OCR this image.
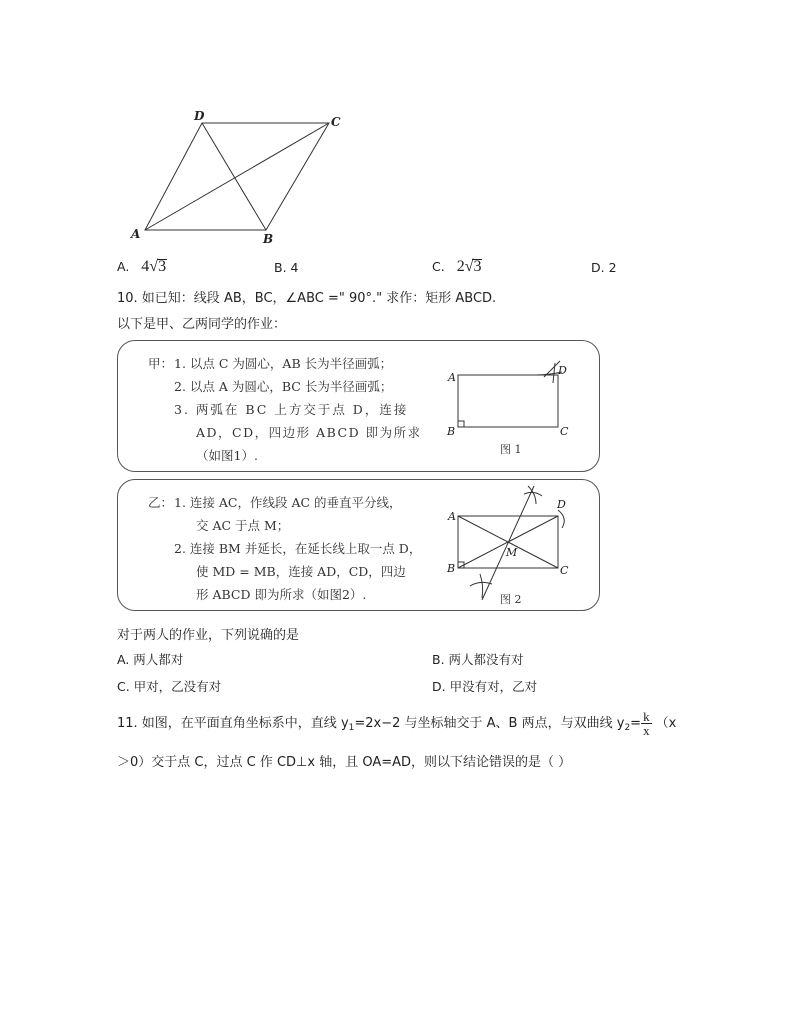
A	B
C
D
A. 4√3	B. 4	C. 2√3	D. 2
10. 如已知：线段 AB，BC，∠ABC =" 90°." 求作：矩形 ABCD.
以下是甲、乙两同学的作业：
甲： 1. 以点 C 为圆心，AB 长为半径画弧；
2. 以点 A 为圆心，BC 长为半径画弧；
3. 两弧在 BC 上方交于点 D，连接
AD，CD，四边形 ABCD 即为所求
（如图1）.
A
B	C
D
图 1
乙： 1. 连接 AC，作线段 AC 的垂直平分线，
交 AC 于点 M；
2. 连接 BM 并延长，在延长线上取一点 D，
使 MD = MB，连接 AD，CD，四边
形 ABCD 即为所求（如图2）.
A
B	C
D
M
图 2
对于两人的作业，下列说确的是
A. 两人都对	B. 两人都没有对
C. 甲对，乙没有对	D. 甲没有对，乙对
11. 如图，在平面直角坐标系中，直线 $y_1=2x-2$ 与坐标轴交于 A、B 两点，与双曲线 $y_2= \frac{k}{x} (x$
＞0）交于点 C，过点 C 作 CD⊥x 轴，且 OA=AD，则以下结论错误的是（ ）
